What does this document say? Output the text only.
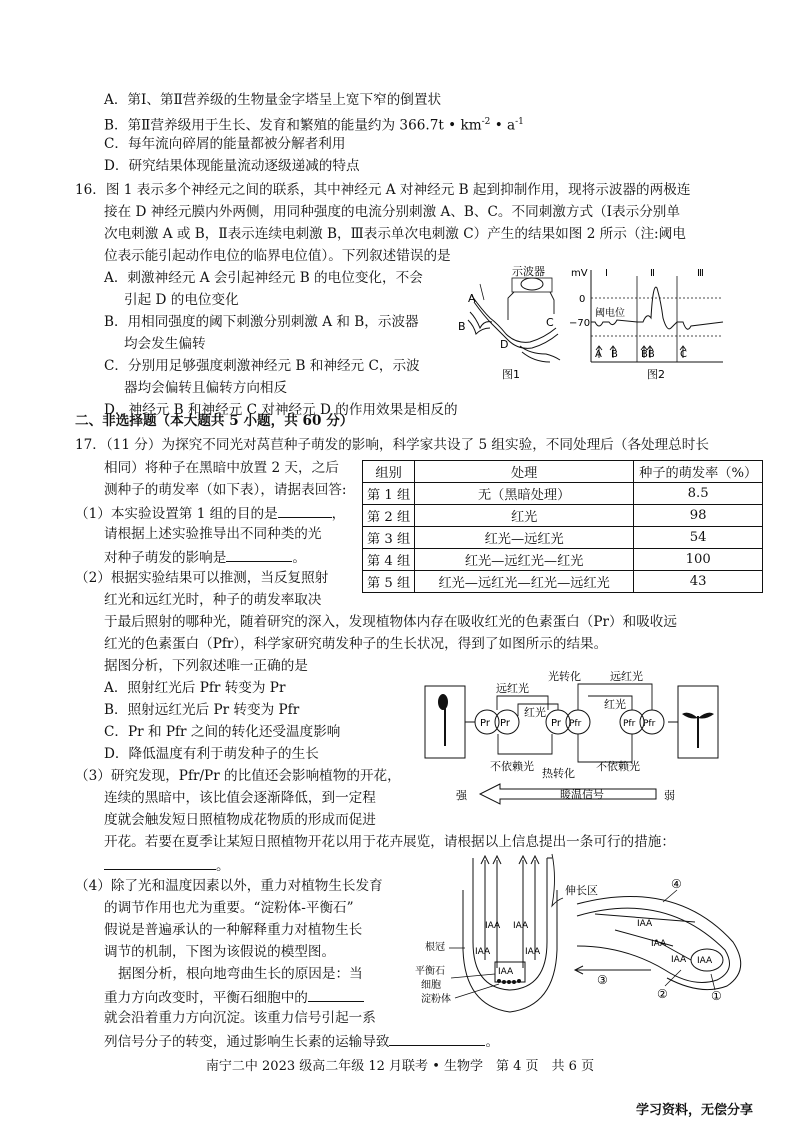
A．第Ⅰ、第Ⅱ营养级的生物量金字塔呈上宽下窄的倒置状
B．第Ⅱ营养级用于生长、发育和繁殖的能量约为 366.7t • $km^{-2}$ • $a^{-1}$
C．每年流向碎屑的能量都被分解者利用
D．研究结果体现能量流动逐级递减的特点
16．图 1 表示多个神经元之间的联系，其中神经元 A 对神经元 B 起到抑制作用，现将示波器的两极连
接在 D 神经元膜内外两侧，用同种强度的电流分别刺激 A、B、C。不同刺激方式（Ⅰ表示分别单
次电刺激 A 或 B，Ⅱ表示连续电刺激 B，Ⅲ表示单次电刺激 C）产生的结果如图 2 所示（注:阈电
位表示能引起动作电位的临界电位值）。下列叙述错误的是
A．刺激神经元 A 会引起神经元 B 的电位变化，不会
引起 D 的电位变化
B．用相同强度的阈下刺激分别刺激 A 和 B，示波器
均会发生偏转
C．分别用足够强度刺激神经元 B 和神经元 C，示波
器均会偏转且偏转方向相反
D．神经元 B 和神经元 C 对神经元 D 的作用效果是相反的
示波器
A
B	C
D
图1
mV Ⅰ	Ⅱ	Ⅲ
0
−70
阈电位
A B BB	C
图2
二、非选择题（本大题共 5 小题，共 60 分）
17．（11 分）为探究不同光对莴苣种子萌发的影响，科学家共设了 5 组实验，不同处理后（各处理总时长
相同）将种子在黑暗中放置 2 天，之后
测种子的萌发率（如下表），请据表回答:
（1）本实验设置第 1 组的目的是	，
请根据上述实验推导出不同种类的光
对种子萌发的影响是	。
组别	处理	种子的萌发率（%）
第 1 组	无（黑暗处理）	8.5
第 2 组	红光	98
第 3 组	红光—远红光	54
第 4 组	红光—远红光—红光	100
第 5 组	红光—远红光—红光—远红光	43
（2）根据实验结果可以推测，当反复照射
红光和远红光时，种子的萌发率取决
于最后照射的哪种光，随着研究的深入，发现植物体内存在吸收红光的色素蛋白（Pr）和吸收远
红光的色素蛋白（Pfr），科学家研究萌发种子的生长状况，得到了如图所示的结果。
据图分析，下列叙述唯一正确的是
A．照射红光后 Pfr 转变为 Pr
B．照射远红光后 Pr 转变为 Pfr
C．Pr 和 Pfr 之间的转化还受温度影响
D．降低温度有利于萌发种子的生长
Pr Pr	Pr Pfr	Pfr Pfr
远红光
红光
光转化	远红光
红光
不依赖光
热转化
不依赖光
强	暖温信号	弱
（3）研究发现，Pfr/Pr 的比值还会影响植物的开花，
连续的黑暗中，该比值会逐渐降低，到一定程
度就会触发短日照植物成花物质的形成而促进
开花。若要在夏季让某短日照植物开花以用于花卉展览，请根据以上信息提出一条可行的措施：
。
（4）除了光和温度因素以外，重力对植物生长发育
的调节作用也尤为重要。“淀粉体-平衡石”
假说是普遍承认的一种解释重力对植物生长
调节的机制，下图为该假说的模型图。
据图分析，根向地弯曲生长的原因是：当
重力方向改变时，平衡石细胞中的
就会沿着重力方向沉淀。该重力信号引起一系
列信号分子的转变，通过影响生长素的运输导致	。
伸长区
IAA IAA
IAA	IAA
IAA
根冠
平衡石
细胞
淀粉体
IAA
IAA
IAA
IAA
③
②	①
④
南宁二中 2023 级高二年级 12 月联考 • 生物学　第 4 页　共 6 页
学习资料，无偿分享
